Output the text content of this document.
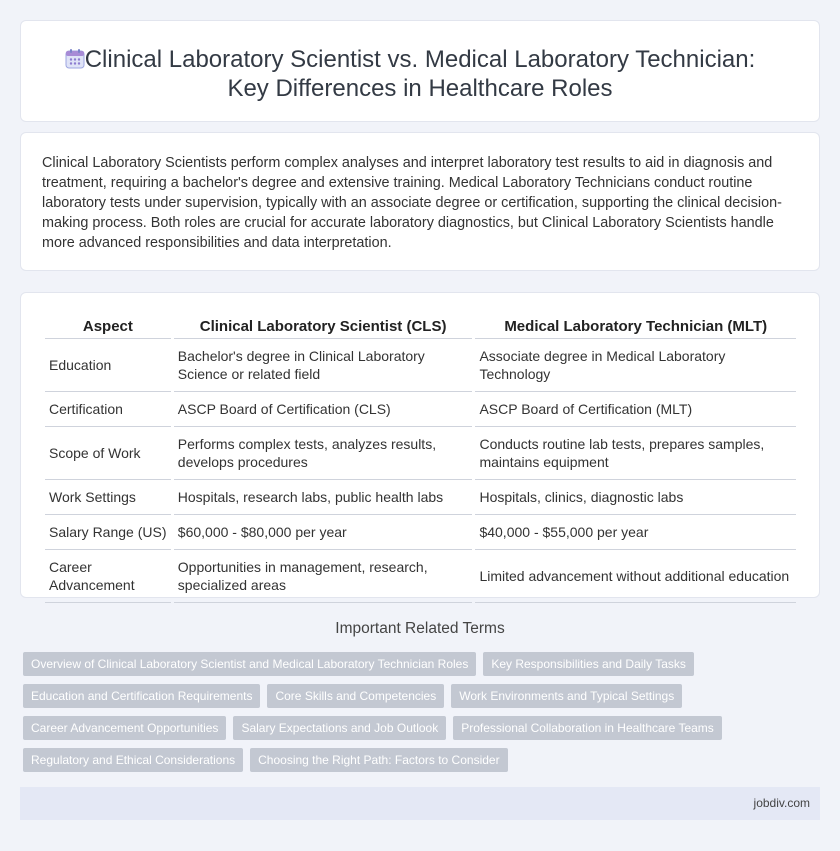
Clinical Laboratory Scientist vs. Medical Laboratory Technician:
Key Differences in Healthcare Roles

Clinical Laboratory Scientists perform complex analyses and interpret laboratory test results to aid in diagnosis and treatment, requiring a bachelor's degree and extensive training. Medical Laboratory Technicians conduct routine laboratory tests under supervision, typically with an associate degree or certification, supporting the clinical decision-making process. Both roles are crucial for accurate laboratory diagnostics, but Clinical Laboratory Scientists handle more advanced responsibilities and data interpretation.

Aspect	Clinical Laboratory Scientist (CLS)	Medical Laboratory Technician (MLT)
Education	Bachelor's degree in Clinical Laboratory Science or related field	Associate degree in Medical Laboratory Technology
Certification	ASCP Board of Certification (CLS)	ASCP Board of Certification (MLT)
Scope of Work	Performs complex tests, analyzes results, develops procedures	Conducts routine lab tests, prepares samples, maintains equipment
Work Settings	Hospitals, research labs, public health labs	Hospitals, clinics, diagnostic labs
Salary Range (US)	$60,000 - $80,000 per year	$40,000 - $55,000 per year
Career Advancement	Opportunities in management, research, specialized areas	Limited advancement without additional education
Important Related Terms
Overview of Clinical Laboratory Scientist and Medical Laboratory Technician Roles	Key Responsibilities and Daily Tasks
Education and Certification Requirements	Core Skills and Competencies	Work Environments and Typical Settings
Career Advancement Opportunities	Salary Expectations and Job Outlook	Professional Collaboration in Healthcare Teams
Regulatory and Ethical Considerations	Choosing the Right Path: Factors to Consider
jobdiv.com
